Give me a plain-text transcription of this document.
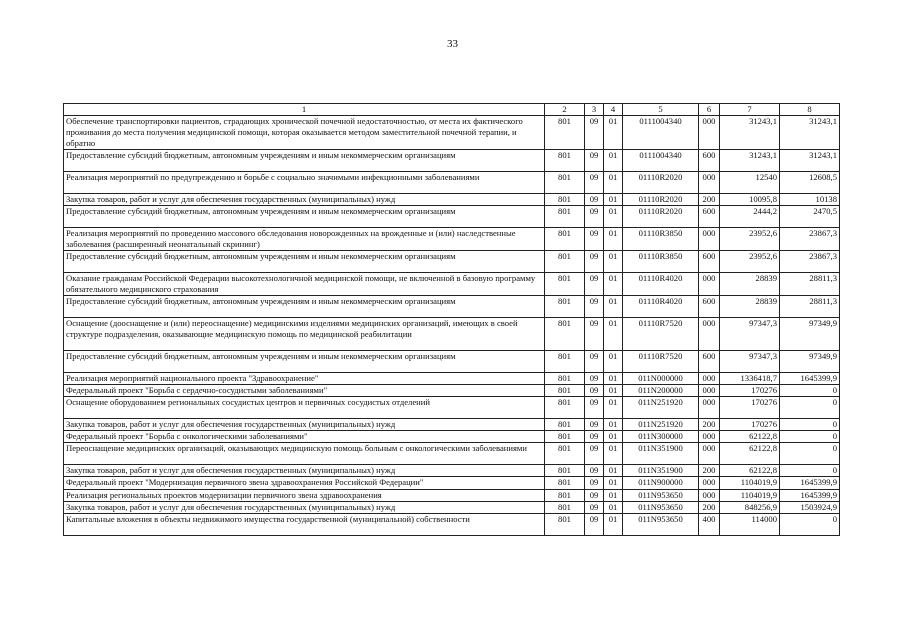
33
1	2	3	4	5	6	7	8
Обеспечение транспортировки пациентов, страдающих хронической почечной недостаточностью, от места их фактического проживания до места получения медицинской помощи, которая оказывается методом заместительной почечной терапии, и обратно	801	09	01	0111004340	000	31243,1	31243,1
Предоставление субсидий бюджетным, автономным учреждениям и иным некоммерческим организациям	801	09	01	0111004340	600	31243,1	31243,1
Реализация мероприятий по предупреждению и борьбе с социально значимыми инфекционными заболеваниями	801	09	01	01110R2020	000	12540	12608,5
Закупка товаров, работ и услуг для обеспечения государственных (муниципальных) нужд	801	09	01	01110R2020	200	10095,8	10138
Предоставление субсидий бюджетным, автономным учреждениям и иным некоммерческим организациям	801	09	01	01110R2020	600	2444,2	2470,5
Реализация мероприятий по проведению массового обследования новорожденных на врожденные и (или) наследственные заболевания (расширенный неонатальный скрининг)	801	09	01	01110R3850	000	23952,6	23867,3
Предоставление субсидий бюджетным, автономным учреждениям и иным некоммерческим организациям	801	09	01	01110R3850	600	23952,6	23867,3
Оказание гражданам Российской Федерации высокотехнологичной медицинской помощи, не включенной в базовую программу обязательного медицинского страхования	801	09	01	01110R4020	000	28839	28811,3
Предоставление субсидий бюджетным, автономным учреждениям и иным некоммерческим организациям	801	09	01	01110R4020	600	28839	28811,3
Оснащение (дооснащение и (или) переоснащение) медицинскими изделиями медицинских организаций, имеющих в своей структуре подразделения, оказывающие медицинскую помощь по медицинской реабилитации	801	09	01	01110R7520	000	97347,3	97349,9
Предоставление субсидий бюджетным, автономным учреждениям и иным некоммерческим организациям	801	09	01	01110R7520	600	97347,3	97349,9
Реализация мероприятий национального проекта "Здравоохранение"	801	09	01	011N000000	000	1336418,7	1645399,9
Федеральный проект "Борьба с сердечно-сосудистыми заболеваниями"	801	09	01	011N200000	000	170276	0
Оснащение оборудованием региональных сосудистых центров и первичных сосудистых отделений	801	09	01	011N251920	000	170276	0
Закупка товаров, работ и услуг для обеспечения государственных (муниципальных) нужд	801	09	01	011N251920	200	170276	0
Федеральный проект "Борьба с онкологическими заболеваниями"	801	09	01	011N300000	000	62122,8	0
Переоснащение медицинских организаций, оказывающих медицинскую помощь больным с онкологическими заболеваниями	801	09	01	011N351900	000	62122,8	0
Закупка товаров, работ и услуг для обеспечения государственных (муниципальных) нужд	801	09	01	011N351900	200	62122,8	0
Федеральный проект "Модернизация первичного звена здравоохранения Российской Федерации"	801	09	01	011N900000	000	1104019,9	1645399,9
Реализация региональных проектов модернизации первичного звена здравоохранения	801	09	01	011N953650	000	1104019,9	1645399,9
Закупка товаров, работ и услуг для обеспечения государственных (муниципальных) нужд	801	09	01	011N953650	200	848256,9	1503924,9
Капитальные вложения в объекты недвижимого имущества государственной (муниципальной) собственности	801	09	01	011N953650	400	114000	0
